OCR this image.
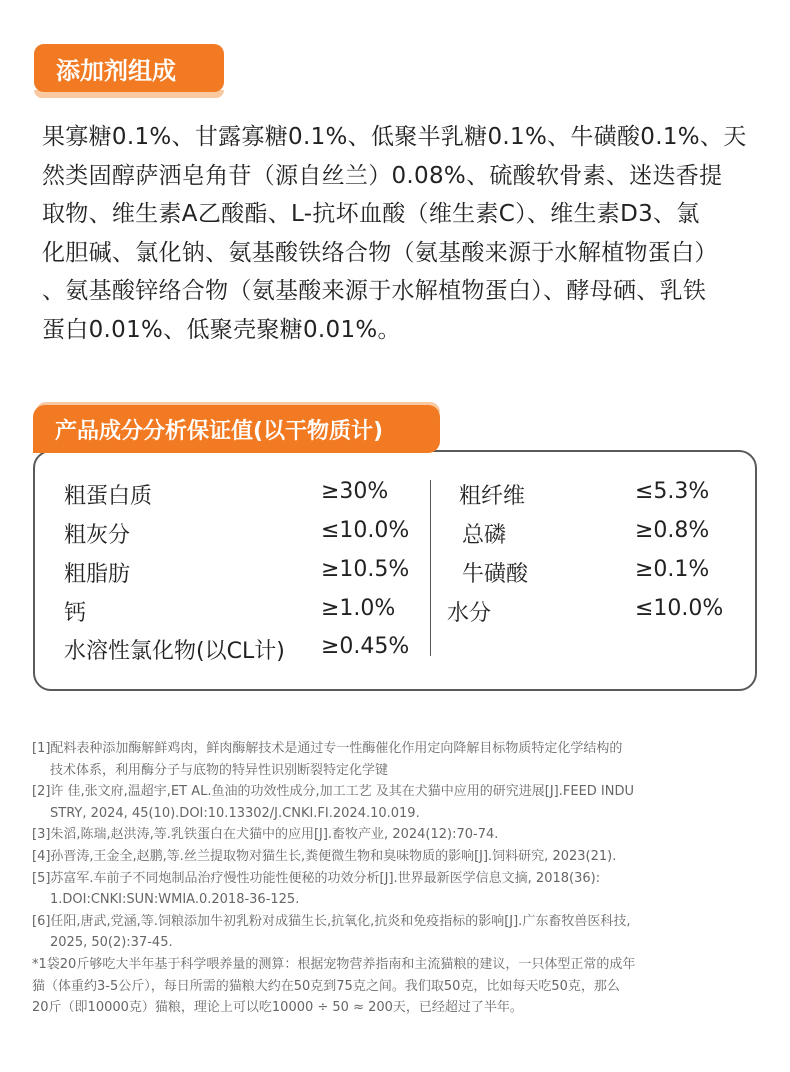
添加剂组成
果寡糖0.1%、甘露寡糖0.1%、低聚半乳糖0.1%、牛磺酸0.1%、天
然类固醇萨洒皂角苷（源自丝兰）0.08%、硫酸软骨素、迷迭香提
取物、维生素A乙酸酯、L-抗坏血酸（维生素C）、维生素D3、氯
化胆碱、氯化钠、氨基酸铁络合物（氨基酸来源于水解植物蛋白）
、氨基酸锌络合物（氨基酸来源于水解植物蛋白）、酵母硒、乳铁
蛋白0.01%、低聚壳聚糖0.01%。
产品成分分析保证值(以干物质计)
粗蛋白质	≥30%
粗灰分	≤10.0%
粗脂肪	≥10.5%
钙	≥1.0%
水溶性氯化物(以CL计) ≥0.45%
粗纤维	≤5.3%
总磷	≥0.8%
牛磺酸	≥0.1%
水分	≤10.0%
[1]配料表种添加酶解鲜鸡肉，鲜肉酶解技术是通过专一性酶催化作用定向降解目标物质特定化学结构的
技术体系，利用酶分子与底物的特异性识别断裂特定化学键
[2]许 佳,张文府,温超宇,ET AL.鱼油的功效性成分,加工工艺 及其在犬猫中应用的研究进展[J].FEED INDU
STRY, 2024, 45(10).DOI:10.13302/J.CNKI.FI.2024.10.019.
[3]朱滔,陈瑞,赵洪涛,等.乳铁蛋白在犬猫中的应用[J].畜牧产业, 2024(12):70-74.
[4]孙晋涛,王金全,赵鹏,等.丝兰提取物对猫生长,粪便微生物和臭味物质的影响[J].饲料研究, 2023(21).
[5]苏富军.车前子不同炮制品治疗慢性功能性便秘的功效分析[J].世界最新医学信息文摘, 2018(36):
1.DOI:CNKI:SUN:WMIA.0.2018-36-125.
[6]任阳,唐武,党涵,等.饲粮添加牛初乳粉对成猫生长,抗氧化,抗炎和免疫指标的影响[J].广东畜牧兽医科技,
2025, 50(2):37-45.
*1袋20斤够吃大半年基于科学喂养量的测算：根据宠物营养指南和主流猫粮的建议，一只体型正常的成年
猫（体重约3-5公斤），每日所需的猫粮大约在50克到75克之间。我们取50克，比如每天吃50克，那么
20斤（即10000克）猫粮，理论上可以吃10000 ÷ 50 ≈ 200天，已经超过了半年。
